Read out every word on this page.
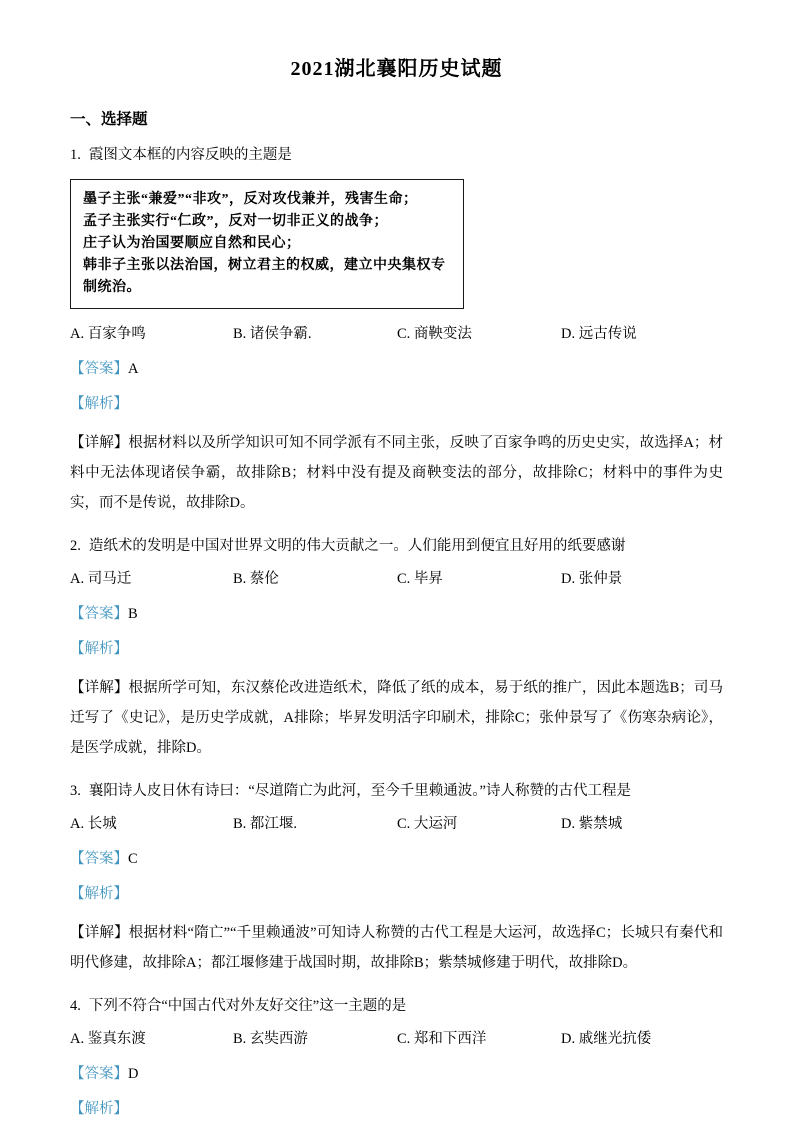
2021湖北襄阳历史试题
一、选择题

1. 霞图文本框的内容反映的主题是

墨子主张“兼爱”“非攻”，反对攻伐兼并，残害生命；
孟子主张实行“仁政”，反对一切非正义的战争；
庄子认为治国要顺应自然和民心；
韩非子主张以法治国，树立君主的权威，建立中央集权专制统治。
A. 百家争鸣	B. 诸侯争霸.	C. 商鞅变法	D. 远古传说

【答案】A

【解析】

【详解】根据材料以及所学知识可知不同学派有不同主张，反映了百家争鸣的历史史实，故选择A；材料中无法体现诸侯争霸，故排除B；材料中没有提及商鞅变法的部分，故排除C；材料中的事件为史实，而不是传说，故排除D。

2. 造纸术的发明是中国对世界文明的伟大贡献之一。人们能用到便宜且好用的纸要感谢

A. 司马迁	B. 蔡伦	C. 毕昇	D. 张仲景

【答案】B

【解析】

【详解】根据所学可知，东汉蔡伦改进造纸术，降低了纸的成本，易于纸的推广，因此本题选B；司马迁写了《史记》，是历史学成就，A排除；毕昇发明活字印刷术，排除C；张仲景写了《伤寒杂病论》，是医学成就，排除D。

3. 襄阳诗人皮日休有诗曰：“尽道隋亡为此河，至今千里赖通波。”诗人称赞的古代工程是

A. 长城	B. 都江堰.	C. 大运河	D. 紫禁城

【答案】C

【解析】

【详解】根据材料“隋亡”“千里赖通波”可知诗人称赞的古代工程是大运河，故选择C；长城只有秦代和明代修建，故排除A；都江堰修建于战国时期，故排除B；紫禁城修建于明代，故排除D。

4. 下列不符合“中国古代对外友好交往”这一主题的是

A. 鉴真东渡	B. 玄奘西游	C. 郑和下西洋	D. 戚继光抗倭

【答案】D

【解析】
